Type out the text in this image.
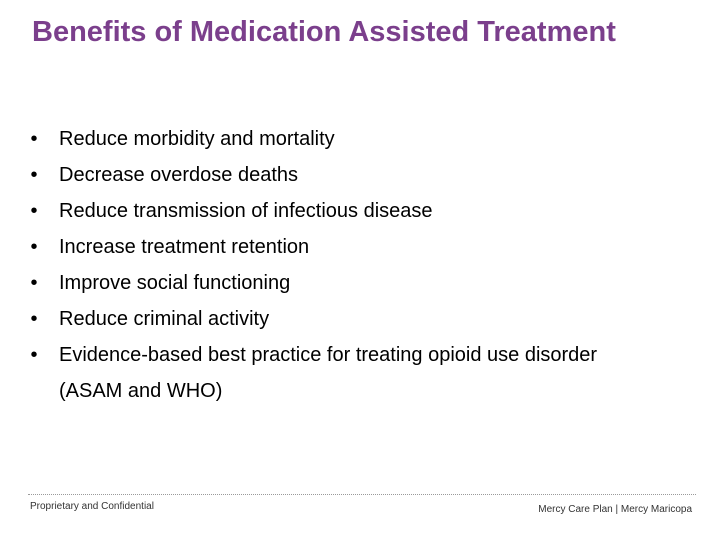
Benefits of Medication Assisted Treatment
• Reduce morbidity and mortality
• Decrease overdose deaths
• Reduce transmission of infectious disease
• Increase treatment retention
• Improve social functioning
• Reduce criminal activity
• Evidence-based best practice for treating opioid use disorder
(ASAM and WHO)
Proprietary and Confidential	Mercy Care Plan | Mercy Maricopa
